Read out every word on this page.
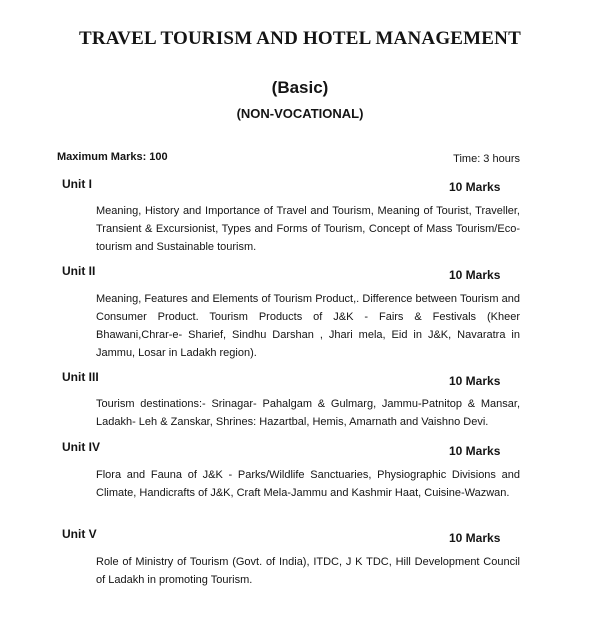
TRAVEL TOURISM AND HOTEL MANAGEMENT
(Basic)
(NON-VOCATIONAL)
Maximum Marks: 100	Time: 3 hours
Unit I	10 Marks
Meaning, History and Importance of Travel and Tourism, Meaning of Tourist, Traveller, Transient & Excursionist, Types and Forms of Tourism, Concept of Mass Tourism/Eco-tourism and Sustainable tourism.
Unit II	10 Marks
Meaning, Features and Elements of Tourism Product,. Difference between Tourism and Consumer Product. Tourism Products of J&K - Fairs & Festivals (Kheer Bhawani,Chrar-e- Sharief, Sindhu Darshan , Jhari mela, Eid in J&K, Navaratra in Jammu, Losar in Ladakh region).
Unit III	10 Marks
Tourism destinations:- Srinagar- Pahalgam & Gulmarg, Jammu-Patnitop & Mansar, Ladakh- Leh & Zanskar, Shrines: Hazartbal, Hemis, Amarnath and Vaishno Devi.
Unit IV	10 Marks
Flora and Fauna of J&K - Parks/Wildlife Sanctuaries, Physiographic Divisions and Climate, Handicrafts of J&K, Craft Mela-Jammu and Kashmir Haat, Cuisine-Wazwan.
Unit V	10 Marks
Role of Ministry of Tourism (Govt. of India), ITDC, J K TDC, Hill Development Council of Ladakh in promoting Tourism.
